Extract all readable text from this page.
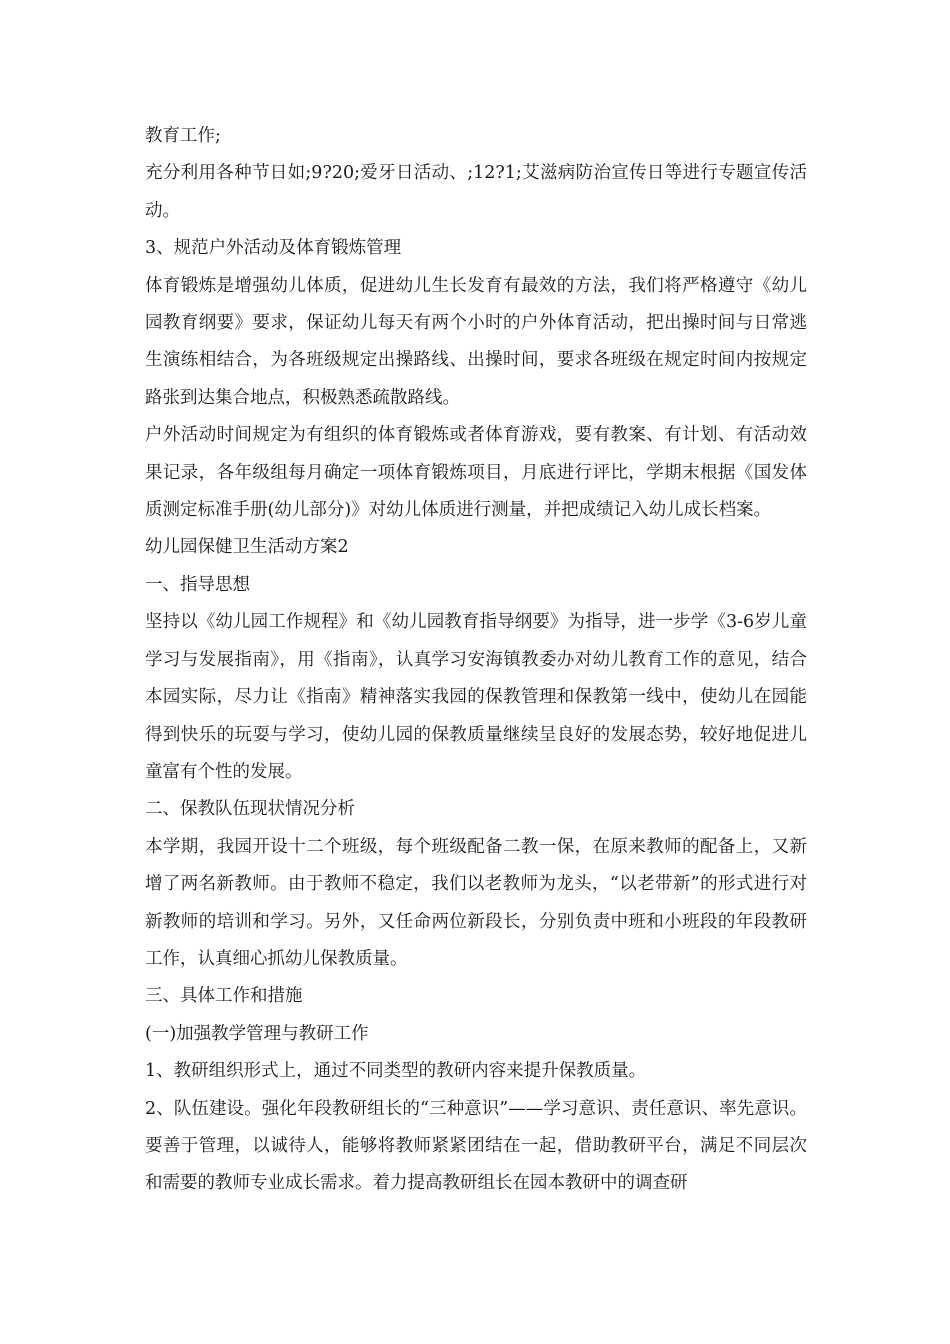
教育工作;

充分利用各种节日如;9?20;爱牙日活动、;12?1;艾滋病防治宣传日等进行专题宣传活动。

3、规范户外活动及体育锻炼管理

体育锻炼是增强幼儿体质，促进幼儿生长发育有最效的方法，我们将严格遵守《幼儿园教育纲要》要求，保证幼儿每天有两个小时的户外体育活动，把出操时间与日常逃生演练相结合，为各班级规定出操路线、出操时间，要求各班级在规定时间内按规定路张到达集合地点，积极熟悉疏散路线。

户外活动时间规定为有组织的体育锻炼或者体育游戏，要有教案、有计划、有活动效果记录，各年级组每月确定一项体育锻炼项目，月底进行评比，学期末根据《国发体质测定标准手册(幼儿部分)》对幼儿体质进行测量，并把成绩记入幼儿成长档案。

幼儿园保健卫生活动方案2

一、指导思想

坚持以《幼儿园工作规程》和《幼儿园教育指导纲要》为指导，进一步学《3-6岁儿童学习与发展指南》，用《指南》，认真学习安海镇教委办对幼儿教育工作的意见，结合本园实际，尽力让《指南》精神落实我园的保教管理和保教第一线中，使幼儿在园能得到快乐的玩耍与学习，使幼儿园的保教质量继续呈良好的发展态势，较好地促进儿童富有个性的发展。

二、保教队伍现状情况分析

本学期，我园开设十二个班级，每个班级配备二教一保，在原来教师的配备上，又新增了两名新教师。由于教师不稳定，我们以老教师为龙头，“以老带新”的形式进行对新教师的培训和学习。另外，又任命两位新段长，分别负责中班和小班段的年段教研工作，认真细心抓幼儿保教质量。

三、具体工作和措施

(一)加强教学管理与教研工作

1、教研组织形式上，通过不同类型的教研内容来提升保教质量。

2、队伍建设。强化年段教研组长的“三种意识”——学习意识、责任意识、率先意识。要善于管理，以诚待人，能够将教师紧紧团结在一起，借助教研平台，满足不同层次和需要的教师专业成长需求。着力提高教研组长在园本教研中的调查研
